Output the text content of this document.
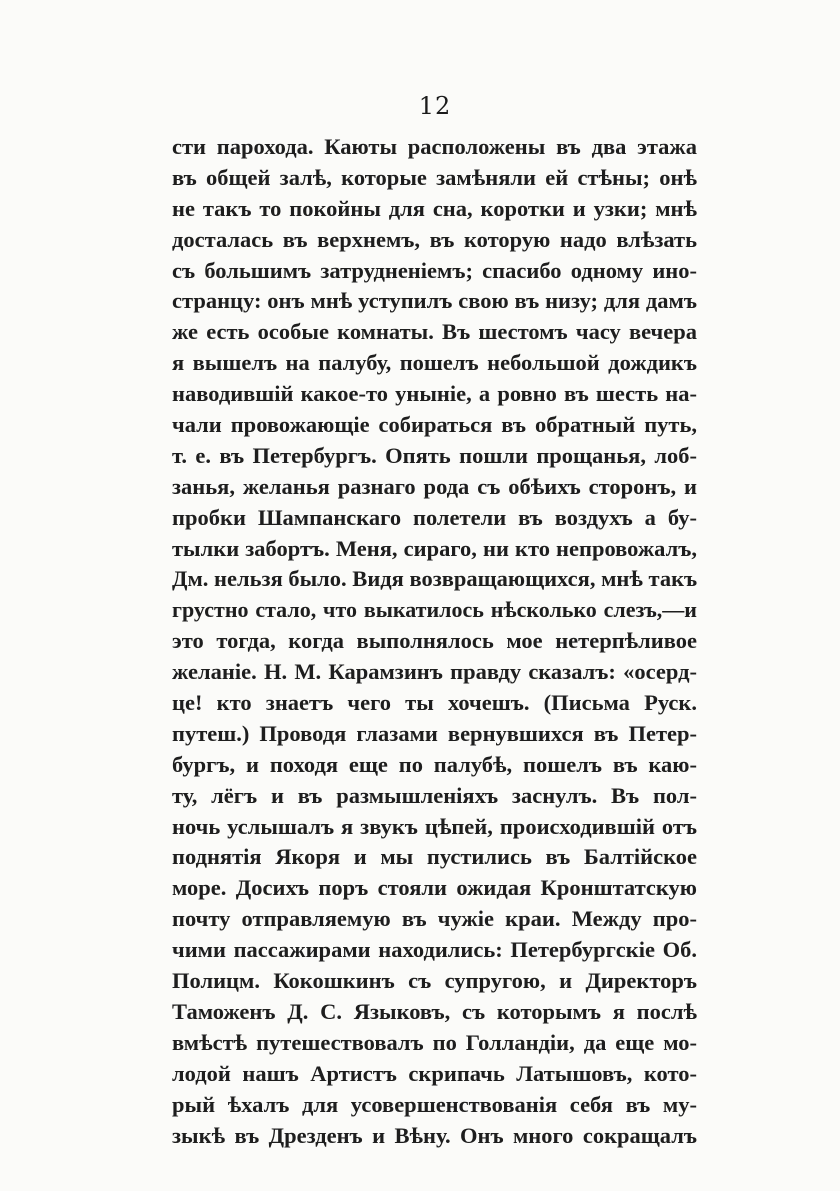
12
сти парохода. Каюты расположены въ два этажа
въ общей залѣ, которые замѣняли ей стѣны; онѣ
не такъ то покойны для сна, коротки и узки; мнѣ
досталась въ верхнемъ, въ которую надо влѣзать
съ большимъ затрудненіемъ; спасибо одному ино-
странцу: онъ мнѣ уступилъ свою въ низу; для дамъ
же есть особые комнаты. Въ шестомъ часу вечера
я вышелъ на палубу, пошелъ небольшой дождикъ
наводившій какое-то уныніе, а ровно въ шесть на-
чали провожающіе собираться въ обратный путь,
т. е. въ Петербургъ. Опять пошли прощанья, лоб-
занья, желанья разнаго рода съ обѣихъ сторонъ, и
пробки Шампанскаго полетели въ воздухъ а бу-
тылки забортъ. Меня, сираго, ни кто непровожалъ,
Дм. нельзя было. Видя возвращающихся, мнѣ такъ
грустно стало, что выкатилось нѣсколько слезъ,—и
это тогда, когда выполнялось мое нетерпѣливое
желаніе. Н. М. Карамзинъ правду сказалъ: «осерд-
це! кто знаетъ чего ты хочешъ. (Письма Руск.
путеш.) Проводя глазами вернувшихся въ Петер-
бургъ, и походя еще по палубѣ, пошелъ въ каю-
ту, лёгъ и въ размышленіяхъ заснулъ. Въ пол-
ночь услышалъ я звукъ цѣпей, происходившій отъ
поднятія Якоря и мы пустились въ Балтійское
море. Досихъ поръ стояли ожидая Кронштатскую
почту отправляемую въ чужіе краи. Между про-
чими пассажирами находились: Петербургскіе Об.
Полицм. Кокошкинъ съ супругою, и Директоръ
Таможенъ Д. С. Языковъ, съ которымъ я послѣ
вмѣстѣ путешествовалъ по Голландіи, да еще мо-
лодой нашъ Артистъ скрипачь Латышовъ, кото-
рый ѣхалъ для усовершенствованія себя въ му-
зыкѣ въ Дрезденъ и Вѣну. Онъ много сокращалъ
